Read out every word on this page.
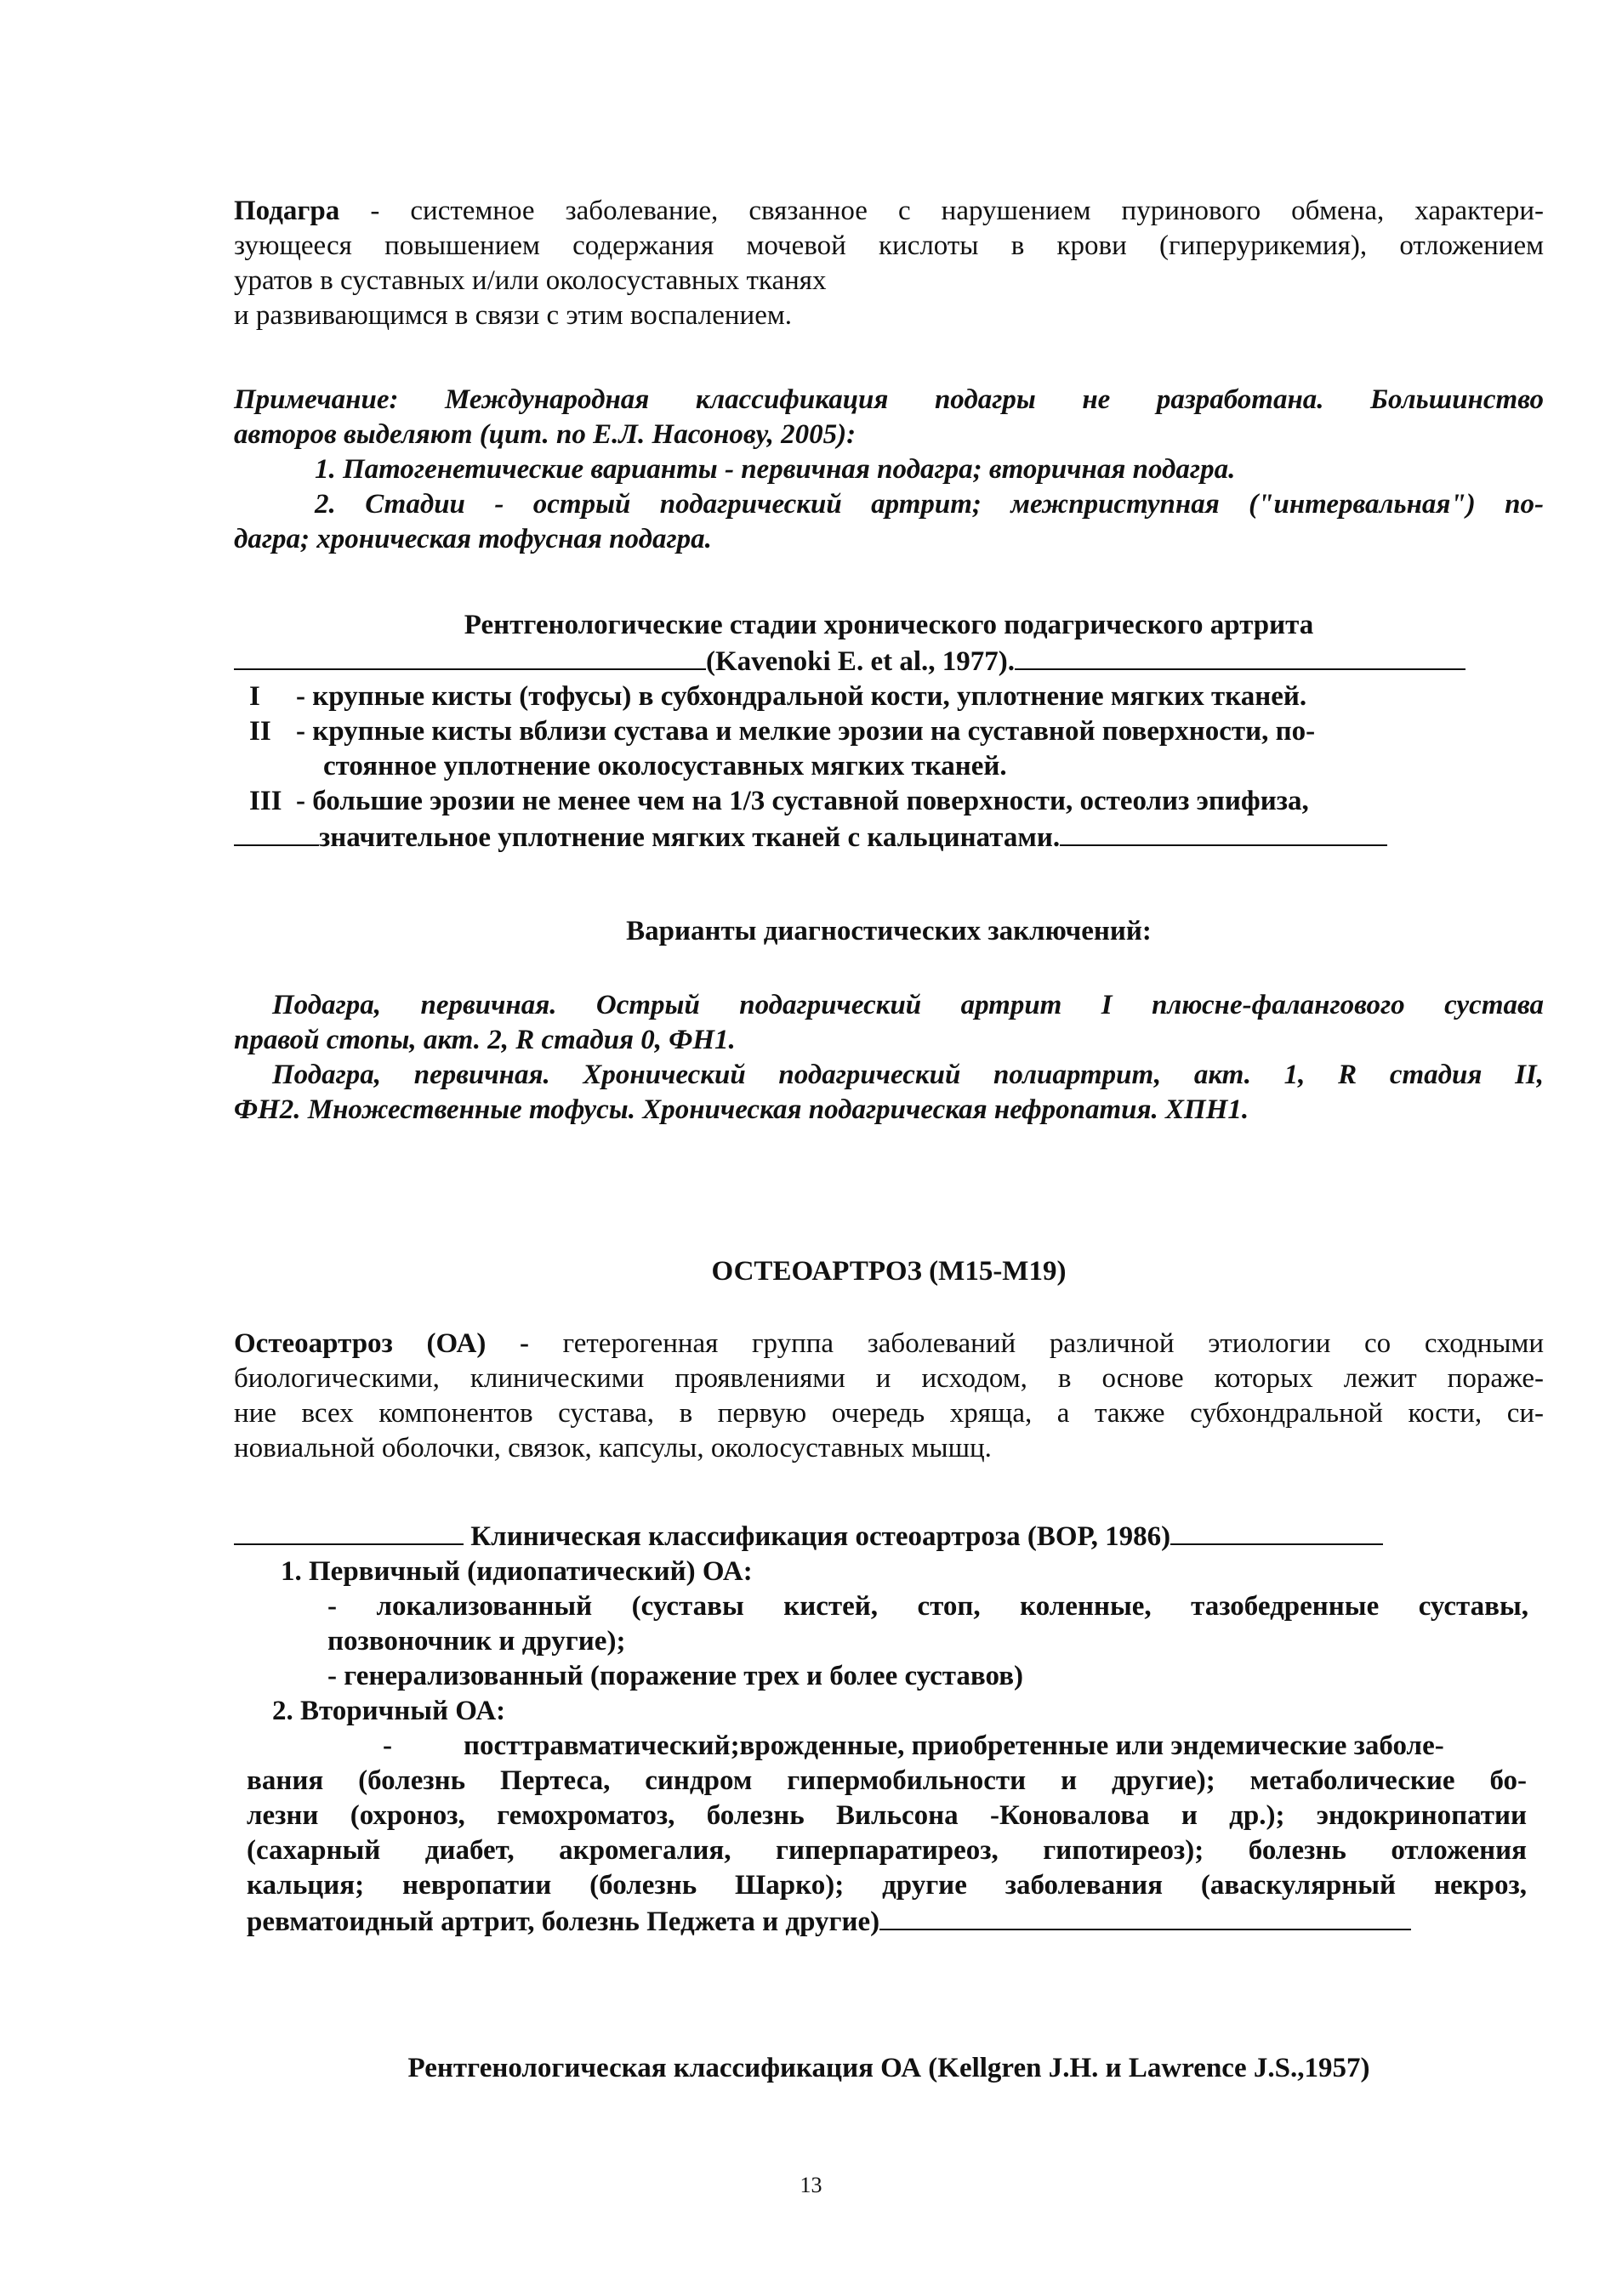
Подагра - системное заболевание, связанное с нарушением пуринового обмена, характери-
зующееся повышением содержания мочевой кислоты в крови (гиперурикемия), отложением
уратов в суставных и/или околосуставных тканях
и развивающимся в связи с этим воспалением.
Примечание: Международная классификация подагры не разработана. Большинство
авторов выделяют (цит. по Е.Л. Насонову, 2005):
1. Патогенетические варианты - первичная подагра; вторичная подагра.
2. Стадии - острый подагрический артрит; межприступная ("интервальная") по-
дагра; хроническая тофусная подагра.
Рентгенологические стадии хронического подагрического артрита
(Kavenoki E. et al., 1977).
I - крупные кисты (тофусы) в субхондральной кости, уплотнение мягких тканей.
II - крупные кисты вблизи сустава и мелкие эрозии на суставной поверхности, по-
стоянное уплотнение околосуставных мягких тканей.
III - большие эрозии не менее чем на 1/3 суставной поверхности, остеолиз эпифиза,
значительное уплотнение мягких тканей с кальцинатами.
Варианты диагностических заключений:
Подагра, первичная. Острый подагрический артрит I плюсне-фалангового сустава
правой стопы, акт. 2, R стадия 0, ФН1.
Подагра, первичная. Хронический подагрический полиартрит, акт. 1, R стадия II,
ФН2. Множественные тофусы. Хроническая подагрическая нефропатия. ХПН1.
ОСТЕОАРТРОЗ (М15-М19)
Остеоартроз (ОА) - гетерогенная группа заболеваний различной этиологии со сходными
биологическими, клиническими проявлениями и исходом, в основе которых лежит пораже-
ние всех компонентов сустава, в первую очередь хряща, а также субхондральной кости, си-
новиальной оболочки, связок, капсулы, околосуставных мышц.
Клиническая классификация остеоартроза (ВОР, 1986)
1. Первичный (идиопатический) ОА:
- локализованный (суставы кистей, стоп, коленные, тазобедренные суставы,
позвоночник и другие);
- генерализованный (поражение трех и более суставов)
2. Вторичный ОА:
-	посттравматический;врожденные, приобретенные или эндемические заболе-
вания (болезнь Пертеса, синдром гипермобильности и другие); метаболические бо-
лезни (охроноз, гемохроматоз, болезнь Вильсона -Коновалова и др.); эндокринопатии
(сахарный диабет, акромегалия, гиперпаратиреоз, гипотиреоз); болезнь отложения
кальция; невропатии (болезнь Шарко); другие заболевания (аваскулярный некроз,
ревматоидный артрит, болезнь Педжета и другие)
Рентгенологическая классификация ОА (Kellgren J.H. и Lawrence J.S.,1957)
13
